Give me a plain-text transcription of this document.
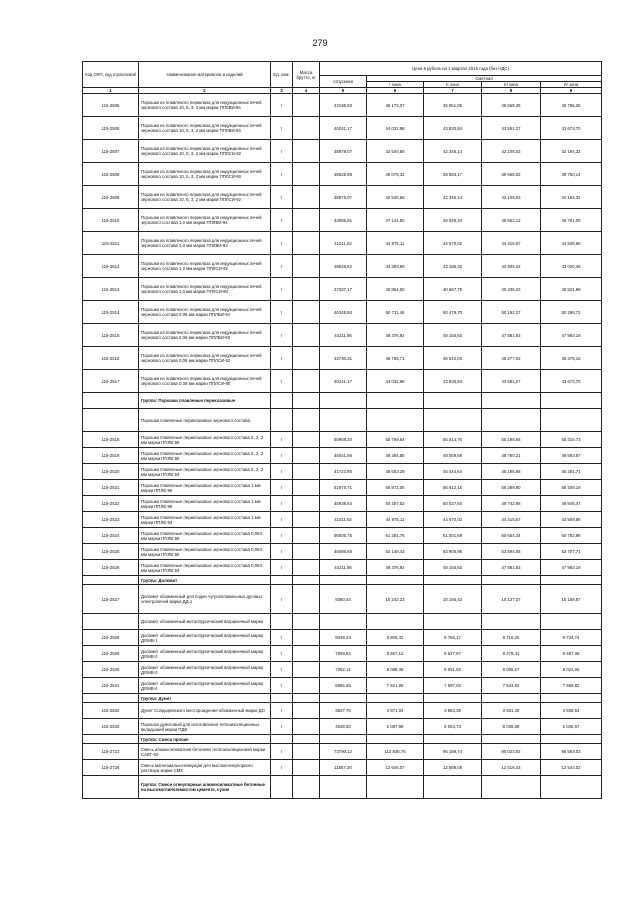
279
Код ОКП, код отраслевой	Наименование материалов и изделий	Ед. изм.	Масса брутто, кг	Цена в рублях на 1 квартал 2016 года (без НДС)				
				отпускная	Сметная			
					I зона	II зона	III зона	IV зона
1	2	3	4	5	6	7	8	9
115-2505	Порошки из плавленого периклаза для индукционных печей зернового состава 10, 5, 3, 2 мм марки ППЛВИ-94	т		42195,93	46 172,07	45 961,05	45 569,36	45 796,26
115-2506	Порошки из плавленого периклаза для индукционных печей зернового состава 10, 5, 3, 2 мм марки ППЛВИ-93	т		40241,17	44 032,98	43 830,84	43 581,27	43 673,70
115-2507	Порошки из плавленого периклаза для индукционных печей зернового состава 10, 5, 3, 2 мм марки ППЛСИ-92	т		38878,07	42 540,56	42 346,14	42 105,03	42 194,32
115-2508	Порошки из плавленого периклаза для индукционных печей зернового состава 10, 5, 3, 2 мм марки ППЛСИ-90	т		36625,98	40 078,32	39 893,17	39 666,02	39 750,14
115-2509	Порошки из плавленого периклаза для индукционных печей зернового состава 10, 5, 3, 2 мм марки ППЛСИ-92	т		38878,07	42 540,56	42 346,14	42 105,03	42 194,32
115-2510	Порошки из плавленого периклаза для индукционных печей зернового состава 1,0 мм марки ППЛВИ-94	т		43085,91	47 144,80	46 929,34	46 662,12	46 761,09
115-2511	Порошки из плавленого периклаза для индукционных печей зернового состава 1,0 мм марки ППЛВИ-93	т		41011,62	44 875,11	44 670,02	44 415,67	44 509,86
115-2512	Порошки из плавленого периклаза для индукционных печей зернового состава 1,0 мм марки ППЛСИ-92	т		39648,52	43 383,59	43 185,32	42 939,42	43 030,49
115-2513	Порошки из плавленого периклаза для индукционных печей зернового состава 1,0 мм марки ППЛСИ-90	т		37337,17	40 854,50	40 667,79	40 436,23	40 521,98
115-2514	Порошки из плавленого периклаза для индукционных печей зернового состава 0,06 мм марки ППЛВИ-94	т		46345,50	50 711,45	50 479,70	50 192,27	50 298,72
115-2515	Порошки из плавленого периклаза для индукционных печей зернового состава 0,06 мм марки ППЛВИ-93	т		44211,95	48 376,92	48 155,83	47 881,63	47 983,18
115-2516	Порошки из плавленого периклаза для индукционных печей зернового состава 0,06 мм марки ППЛСИ-92	т		42730,31	46 755,71	46 542,03	46 277,02	46 375,16
115-2517	Порошки из плавленого периклаза для индукционных печей зернового состава 0,06 мм марки ППЛСИ-90	т		40241,17	44 032,98	43 830,84	43 581,27	43 673,70
	Группа: Порошки плавленые периклазовые							
	Порошки плавленые периклазовые зернового состава							
115-2518	Порошки плавленые периклазовые зернового состава 5, 3, 2 мм марки ППЛВ-96	т		50968,20	55 769,64	55 514,76	55 198,66	55 315,73
115-2519	Порошки плавленые периклазовые зернового состава 5, 3, 2 мм марки ППЛВ-95	т		45041,86	49 284,85	49 059,59	48 780,21	48 883,67
115-2520	Порошки плавленые периклазовые зернового состава 5, 3, 2 мм марки ППЛВ-93	т		41722,80	45 653,29	45 444,64	45 185,88	45 281,71
115-2521	Порошки плавленые периклазовые зернового состава 1 мм марки ППЛВ-96	т		51975,71	56 872,06	56 612,15	56 289,80	56 409,18
115-2522	Порошки плавленые периклазовые зернового состава 1 мм марки ППЛВ-95	т		45938,64	50 257,52	50 027,84	49 742,98	49 848,47
115-2523	Порошки плавленые периклазовые зернового состава 1 мм марки ППЛВ-93	т		41011,62	44 875,11	44 670,02	44 415,67	44 509,86
115-2524	Порошки плавленые периклазовые зернового состава 0,063 мм марки ППЛВ-96	т		56005,75	61 281,76	61 001,69	60 654,34	60 782,98
115-2525	Порошки плавленые периклазовые зернового состава 0,063 мм марки ППЛВ-95	т		49486,56	54 148,43	53 900,96	53 594,05	53 707,71
115-2526	Порошки плавленые периклазовые зернового состава 0,063 мм марки ППЛВ-93	т		44211,95	48 376,92	48 155,83	47 881,63	47 983,18
	Группа: Доломит							
115-2527	Доломит обожженный для подин чугуноплавильных дуговых электропечей марки ДД-1	т		9360,44	10 242,23	10 195,42	10 137,37	10 158,87
	Доломит обожженный металлургический вагранечный марки							
115-2528	Доломит обожженный металлургический вагранечный марки ДОМВ-1	т		8049,23	8 806,42	8 766,17	8 716,25	8 734,74
115-2529	Доломит обожженный металлургический вагранечный марки ДОМВ-2	т		7809,54	8 567,12	8 527,97	8 479,41	8 497,38
115-2530	Доломит обожженный металлургический вагранечный марки ДОМВ-3	т		7392,11	8 088,48	8 051,52	8 005,67	8 022,65
115-2531	Доломит обожженный металлургический вагранечный марки ДОМВ-4	т		6965,65	7 621,85	7 587,02	7 543,82	7 559,82
	Группа: Дунит							
115-2532	Дунит Солдыревского месторождения обожженный марки ДО	т		3537,76	3 871,04	3 853,35	3 831,40	3 839,53
115-2533	Порошок дунитовый для изготовления теплоизоляционных вкладышей марки ПДВ	т		4649,93	5 087,98	5 064,73	5 035,89	5 046,57
	Группа: Смеси прочие							
115-2723	Смесь алюмосиликатная бетонная теплоизоляционная марки САБТ-50	т		73790,12	113 836,75	95 189,74	90 023,92	96 563,03
115-2726	Смесь магнезиально-вяжущая для высокоогнеупорного раствора марки СМК	т		11557,20	12 645,07	12 588,08	12 516,43	12 543,02
	Группа: Смеси огнеупорные алюмосиликатные бетонные на высокоглиноземистом цементе, сухие							
